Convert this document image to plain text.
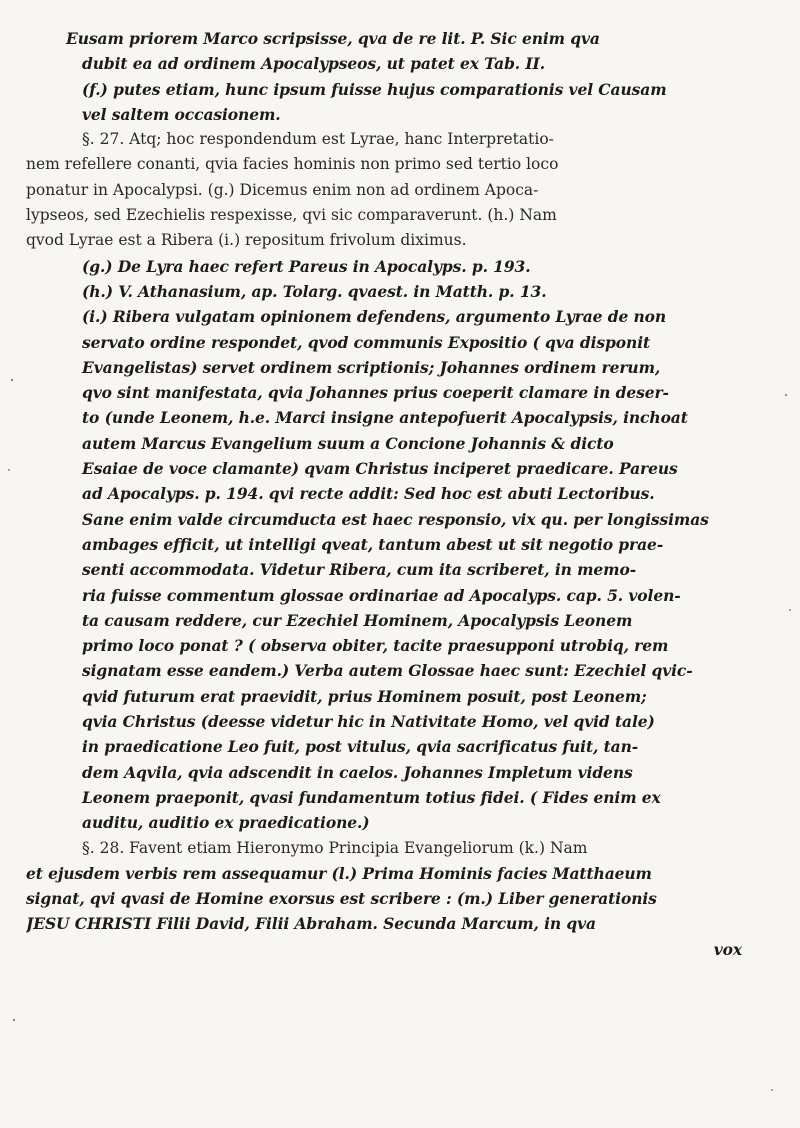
Eusam priorem Marco scripsisse, qva de re lit. P. Sic enim qva
dubit ea ad ordinem Apocalypseos, ut patet ex Tab. II.
(f.) putes etiam, hunc ipsum fuisse hujus comparationis vel Causam
vel saltem occasionem.
§. 27. Atq; hoc respondendum est Lyrae, hanc Interpretatio-
nem refellere conanti, qvia facies hominis non primo sed tertio loco
ponatur in Apocalypsi. (g.) Dicemus enim non ad ordinem Apoca-
lypseos, sed Ezechielis respexisse, qvi sic comparaverunt. (h.) Nam
qvod Lyrae est a Ribera (i.) repositum frivolum diximus.
(g.) De Lyra haec refert Pareus in Apocalyps. p. 193.
(h.) V. Athanasium, ap. Tolarg. qvaest. in Matth. p. 13.
(i.) Ribera vulgatam opinionem defendens, argumento Lyrae de non
servato ordine respondet, qvod communis Expositio ( qva disponit
Evangelistas) servet ordinem scriptionis; Johannes ordinem rerum,
qvo sint manifestata, qvia Johannes prius coeperit clamare in deser-
to (unde Leonem, h.e. Marci insigne antepofuerit Apocalypsis, inchoat
autem Marcus Evangelium suum a Concione Johannis & dicto
Esaiae de voce clamante) qvam Christus inciperet praedicare. Pareus
ad Apocalyps. p. 194. qvi recte addit: Sed hoc est abuti Lectoribus.
Sane enim valde circumducta est haec responsio, vix qu. per longissimas
ambages efficit, ut intelligi qveat, tantum abest ut sit negotio prae-
senti accommodata. Videtur Ribera, cum ita scriberet, in memo-
ria fuisse commentum glossae ordinariae ad Apocalyps. cap. 5. volen-
ta causam reddere, cur Ezechiel Hominem, Apocalypsis Leonem
primo loco ponat ? ( observa obiter, tacite praesupponi utrobiq, rem
signatam esse eandem.) Verba autem Glossae haec sunt: Ezechiel qvic-
qvid futurum erat praevidit, prius Hominem posuit, post Leonem;
qvia Christus (deesse videtur hic in Nativitate Homo, vel qvid tale)
in praedicatione Leo fuit, post vitulus, qvia sacrificatus fuit, tan-
dem Aqvila, qvia adscendit in caelos. Johannes Impletum videns
Leonem praeponit, qvasi fundamentum totius fidei. ( Fides enim ex
auditu, auditio ex praedicatione.)
§. 28. Favent etiam Hieronymo Principia Evangeliorum (k.) Nam
et ejusdem verbis rem assequamur (l.) Prima Hominis facies Matthaeum
signat, qvi qvasi de Homine exorsus est scribere : (m.) Liber generationis
JESU CHRISTI Filii David, Filii Abraham. Secunda Marcum, in qva
vox
